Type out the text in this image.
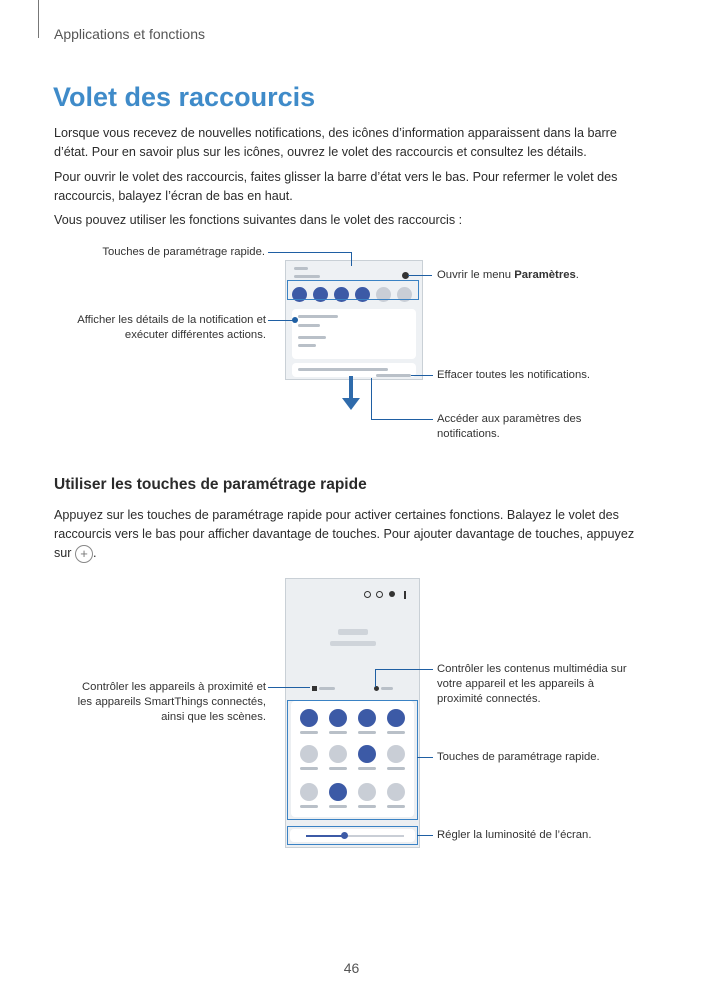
Applications et fonctions
Volet des raccourcis
Lorsque vous recevez de nouvelles notifications, des icônes d’information apparaissent dans la barre d’état. Pour en savoir plus sur les icônes, ouvrez le volet des raccourcis et consultez les détails.
Pour ouvrir le volet des raccourcis, faites glisser la barre d’état vers le bas. Pour refermer le volet des raccourcis, balayez l’écran de bas en haut.
Vous pouvez utiliser les fonctions suivantes dans le volet des raccourcis :
Touches de paramétrage rapide.
Afficher les détails de la notification et
exécuter différentes actions.
Ouvrir le menu Paramètres.
Effacer toutes les notifications.
Accéder aux paramètres des
notifications.
Utiliser les touches de paramétrage rapide
Appuyez sur les touches de paramétrage rapide pour activer certaines fonctions. Balayez le volet des raccourcis vers le bas pour afficher davantage de touches. Pour ajouter davantage de touches, appuyez sur + .
Contrôler les appareils à proximité et
les appareils SmartThings connectés,
ainsi que les scènes.
Contrôler les contenus multimédia sur
votre appareil et les appareils à
proximité connectés.
Touches de paramétrage rapide.
Régler la luminosité de l’écran.
46
